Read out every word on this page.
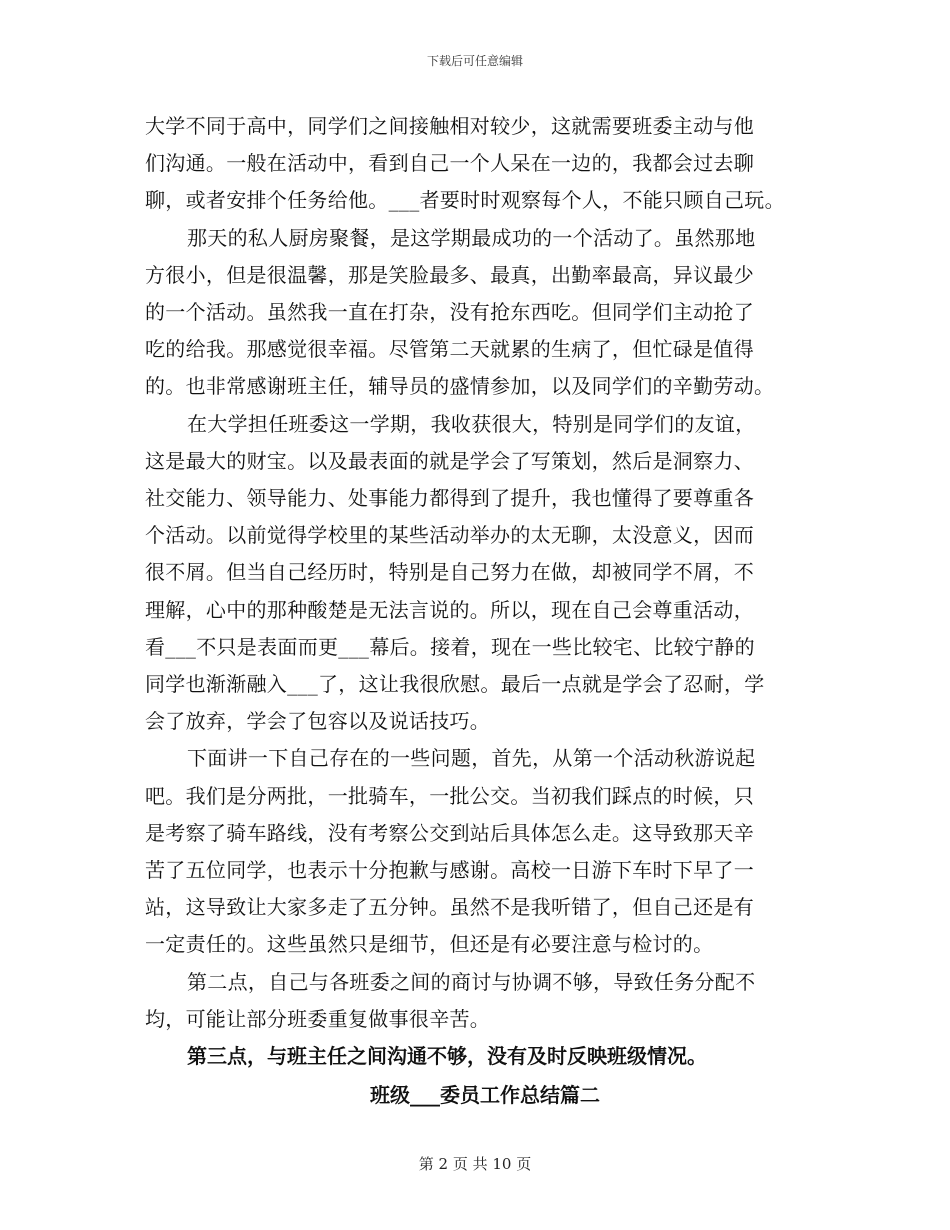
下载后可任意编辑
大学不同于高中，同学们之间接触相对较少，这就需要班委主动与他
们沟通。一般在活动中，看到自己一个人呆在一边的，我都会过去聊
聊，或者安排个任务给他。___者要时时观察每个人，不能只顾自己玩。
那天的私人厨房聚餐，是这学期最成功的一个活动了。虽然那地
方很小，但是很温馨，那是笑脸最多、最真，出勤率最高，异议最少
的一个活动。虽然我一直在打杂，没有抢东西吃。但同学们主动抢了
吃的给我。那感觉很幸福。尽管第二天就累的生病了，但忙碌是值得
的。也非常感谢班主任，辅导员的盛情参加，以及同学们的辛勤劳动。
在大学担任班委这一学期，我收获很大，特别是同学们的友谊，
这是最大的财宝。以及最表面的就是学会了写策划，然后是洞察力、
社交能力、领导能力、处事能力都得到了提升，我也懂得了要尊重各
个活动。以前觉得学校里的某些活动举办的太无聊，太没意义，因而
很不屑。但当自己经历时，特别是自己努力在做，却被同学不屑，不
理解，心中的那种酸楚是无法言说的。所以，现在自己会尊重活动，
看___不只是表面而更___幕后。接着，现在一些比较宅、比较宁静的
同学也渐渐融入___了，这让我很欣慰。最后一点就是学会了忍耐，学
会了放弃，学会了包容以及说话技巧。
下面讲一下自己存在的一些问题，首先，从第一个活动秋游说起
吧。我们是分两批，一批骑车，一批公交。当初我们踩点的时候，只
是考察了骑车路线，没有考察公交到站后具体怎么走。这导致那天辛
苦了五位同学，也表示十分抱歉与感谢。高校一日游下车时下早了一
站，这导致让大家多走了五分钟。虽然不是我听错了，但自己还是有
一定责任的。这些虽然只是细节，但还是有必要注意与检讨的。
第二点，自己与各班委之间的商讨与协调不够，导致任务分配不
均，可能让部分班委重复做事很辛苦。
第三点，与班主任之间沟通不够，没有及时反映班级情况。
班级___委员工作总结篇二
第 2 页 共 10 页
